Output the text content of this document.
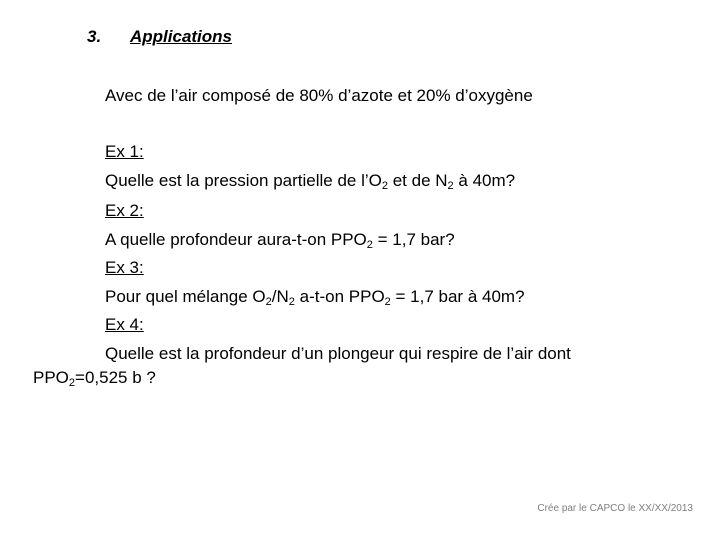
3. Applications
Avec de l’air composé de 80% d’azote et 20% d’oxygène
Ex 1:
Quelle est la pression partielle de $l’O_2$ et de $N_2$ à 40m?
Ex 2:
A quelle profondeur aura-t-on $PPO_2 = 1,7$ bar?
Ex 3:
Pour quel mélange $O_2/N_2$ a-t-on $PPO_2 = 1,7$ bar à 40m?
Ex 4:
Quelle est la profondeur d’un plongeur qui respire de l’air dont
$PPO_2=0,525$ b ?
Crée par le CAPCO le XX/XX/2013
